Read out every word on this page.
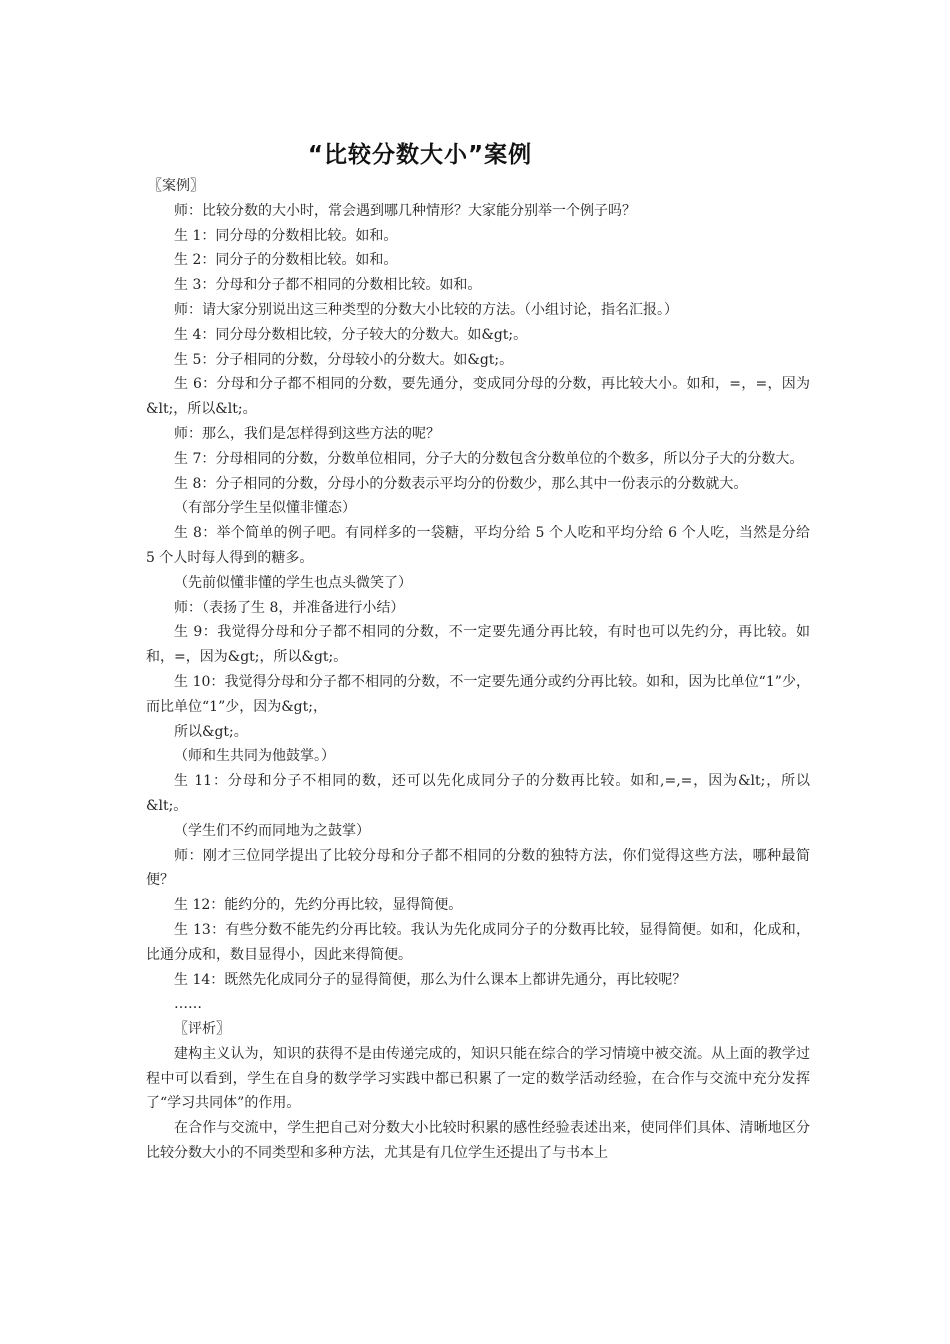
“比较分数大小”案例

〖案例〗

师：比较分数的大小时，常会遇到哪几种情形？大家能分别举一个例子吗？

生 1：同分母的分数相比较。如和。

生 2：同分子的分数相比较。如和。

生 3：分母和分子都不相同的分数相比较。如和。

师：请大家分别说出这三种类型的分数大小比较的方法。（小组讨论，指名汇报。）

生 4：同分母分数相比较，分子较大的分数大。如&gt;。

生 5：分子相同的分数，分母较小的分数大。如&gt;。

生 6：分母和分子都不相同的分数，要先通分，变成同分母的分数，再比较大小。如和，=，=，因为&lt;，所以&lt;。

师：那么，我们是怎样得到这些方法的呢？

生 7：分母相同的分数，分数单位相同，分子大的分数包含分数单位的个数多，所以分子大的分数大。

生 8：分子相同的分数，分母小的分数表示平均分的份数少，那么其中一份表示的分数就大。

（有部分学生呈似懂非懂态）

生 8：举个简单的例子吧。有同样多的一袋糖，平均分给 5 个人吃和平均分给 6 个人吃，当然是分给 5 个人时每人得到的糖多。

（先前似懂非懂的学生也点头微笑了）

师：（表扬了生 8，并准备进行小结）

生 9：我觉得分母和分子都不相同的分数，不一定要先通分再比较，有时也可以先约分，再比较。如和，=，因为&gt;，所以&gt;。

生 10：我觉得分母和分子都不相同的分数，不一定要先通分或约分再比较。如和，因为比单位“1”少，而比单位“1”少，因为&gt;，

所以&gt;。

（师和生共同为他鼓掌。）

生 11：分母和分子不相同的数，还可以先化成同分子的分数再比较。如和,=,=，因为&lt;，所以&lt;。

（学生们不约而同地为之鼓掌）

师：刚才三位同学提出了比较分母和分子都不相同的分数的独特方法，你们觉得这些方法，哪种最简便？

生 12：能约分的，先约分再比较，显得简便。

生 13：有些分数不能先约分再比较。我认为先化成同分子的分数再比较，显得简便。如和，化成和，比通分成和，数目显得小，因此来得简便。

生 14：既然先化成同分子的显得简便，那么为什么课本上都讲先通分，再比较呢？

……

〖评析〗

建构主义认为，知识的获得不是由传递完成的，知识只能在综合的学习情境中被交流。从上面的教学过程中可以看到，学生在自身的数学学习实践中都已积累了一定的数学活动经验，在合作与交流中充分发挥了“学习共同体”的作用。

在合作与交流中，学生把自己对分数大小比较时积累的感性经验表述出来，使同伴们具体、清晰地区分比较分数大小的不同类型和多种方法，尤其是有几位学生还提出了与书本上
